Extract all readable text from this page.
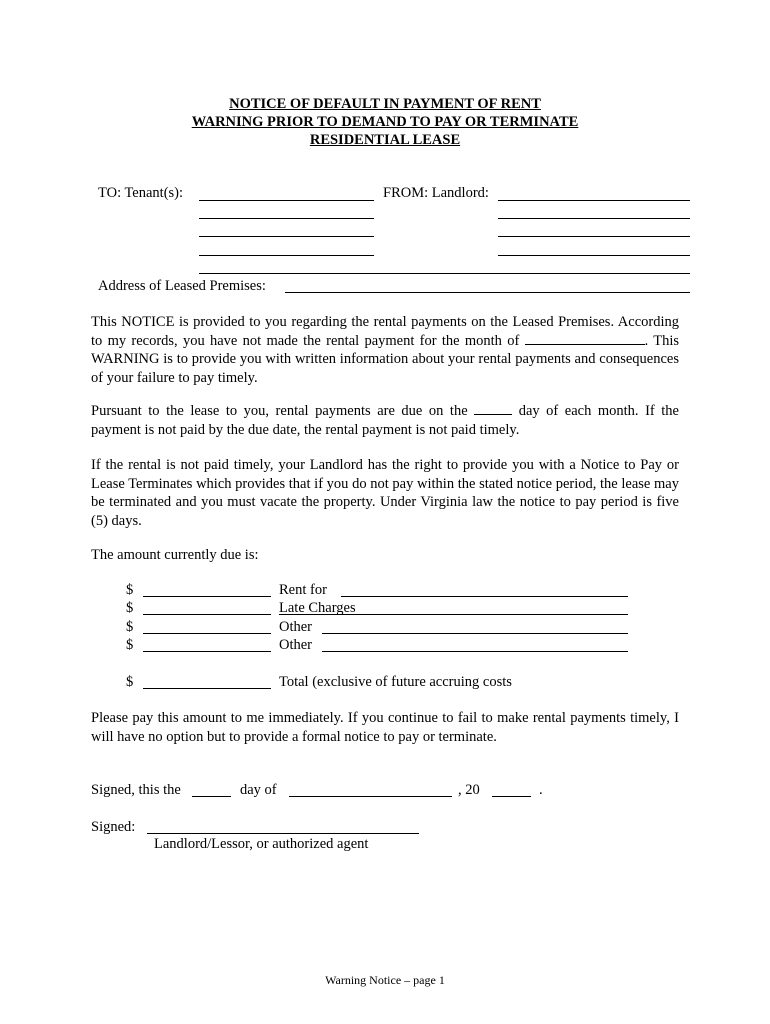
NOTICE OF DEFAULT IN PAYMENT OF RENT
WARNING PRIOR TO DEMAND TO PAY OR TERMINATE
RESIDENTIAL LEASE
TO: Tenant(s):	FROM: Landlord:
Address of Leased Premises:
This NOTICE is provided to you regarding the rental payments on the Leased Premises. According to my records, you have not made the rental payment for the month of	. This WARNING is to provide you with written information about your rental payments and consequences of your failure to pay timely.
Pursuant to the lease to you, rental payments are due on the	day of each month. If the payment is not paid by the due date, the rental payment is not paid timely.
If the rental is not paid timely, your Landlord has the right to provide you with a Notice to Pay or Lease Terminates which provides that if you do not pay within the stated notice period, the lease may be terminated and you must vacate the property. Under Virginia law the notice to pay period is five (5) days.
The amount currently due is:
$	Rent for
$	Late Charges
$	Other
$	Other
$	Total (exclusive of future accruing costs
Please pay this amount to me immediately. If you continue to fail to make rental payments timely, I will have no option but to provide a formal notice to pay or terminate.
Signed, this the	day of	, 20	.
Signed:
Landlord/Lessor, or authorized agent
Warning Notice – page 1
